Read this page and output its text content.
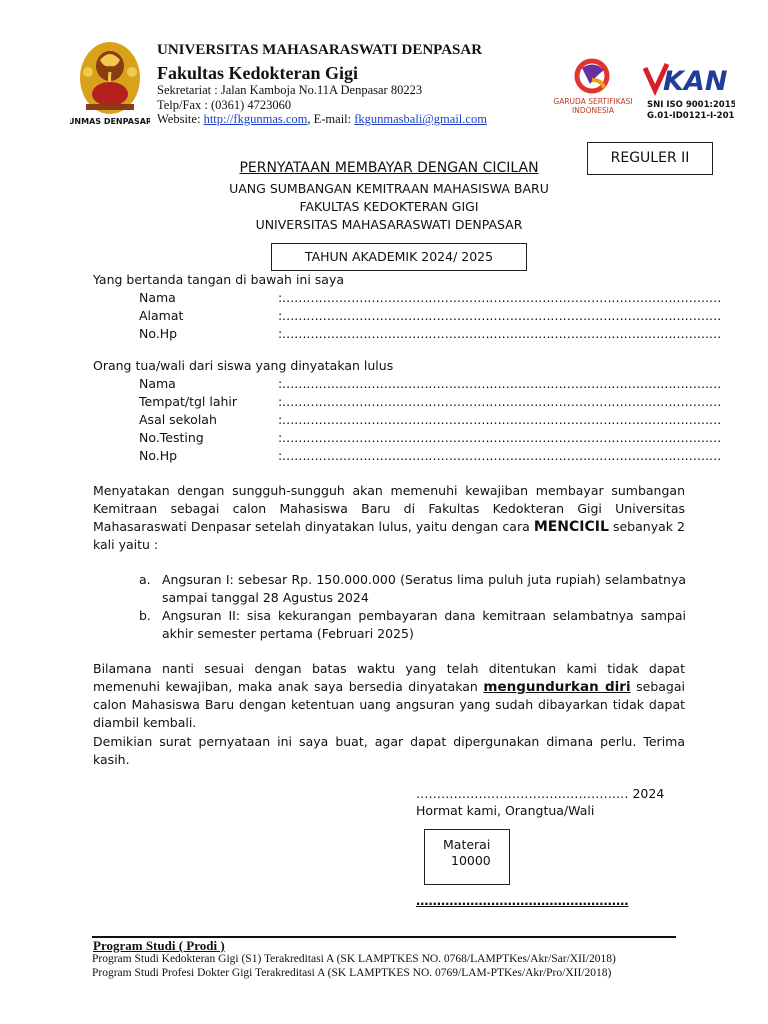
UNMAS DENPASAR
UNIVERSITAS MAHASARASWATI DENPASAR
Fakultas Kedokteran Gigi
Sekretariat : Jalan Kamboja No.11A Denpasar 80223
Telp/Fax : (0361) 4723060
Website: http://fkgunmas.com, E-mail: fkgunmasbali@gmail.com
GARUDA SERTIFIKASI
INDONESIA
KAN
SNI ISO 9001:2015
G.01-ID0121-I-2019
REGULER II
PERNYATAAN MEMBAYAR DENGAN CICILAN
UANG SUMBANGAN KEMITRAAN MAHASISWA BARU
FAKULTAS KEDOKTERAN GIGI
UNIVERSITAS MAHASARASWATI DENPASAR
TAHUN AKADEMIK 2024/ 2025
Yang bertanda tangan di bawah ini saya
Nama	:………………………………………………………………………………………………
Alamat	:………………………………………………………………………………………………
No.Hp	:………………………………………………………………………………………………
Orang tua/wali dari siswa yang dinyatakan lulus
Nama	:………………………………………………………………………………………………
Tempat/tgl lahir	:………………………………………………………………………………………………
Asal sekolah	:………………………………………………………………………………………………
No.Testing	:………………………………………………………………………………………………
No.Hp	:………………………………………………………………………………………………
Menyatakan dengan sungguh-sungguh akan memenuhi kewajiban membayar sumbangan Kemitraan sebagai calon Mahasiswa Baru di Fakultas Kedokteran Gigi Universitas Mahasaraswati Denpasar setelah dinyatakan lulus, yaitu dengan cara MENCICIL sebanyak 2 kali yaitu :
a. Angsuran I: sebesar Rp. 150.000.000 (Seratus lima puluh juta rupiah) selambatnya sampai tanggal 28 Agustus 2024
b. Angsuran II: sisa kekurangan pembayaran dana kemitraan selambatnya sampai akhir semester pertama (Februari 2025)
Bilamana nanti sesuai dengan batas waktu yang telah ditentukan kami tidak dapat memenuhi kewajiban, maka anak saya bersedia dinyatakan mengundurkan diri sebagai calon Mahasiswa Baru dengan ketentuan uang angsuran yang sudah dibayarkan tidak dapat diambil kembali.
Demikian surat pernyataan ini saya buat, agar dapat dipergunakan dimana perlu. Terima kasih.
…………………………………………… 2024
Hormat kami, Orangtua/Wali
Materai
10000
……………………………………………
Program Studi ( Prodi )
Program Studi Kedokteran Gigi (S1) Terakreditasi A (SK LAMPTKES NO. 0768/LAMPTKes/Akr/Sar/XII/2018)
Program Studi Profesi Dokter Gigi Terakreditasi A (SK LAMPTKES NO. 0769/LAM-PTKes/Akr/Pro/XII/2018)
